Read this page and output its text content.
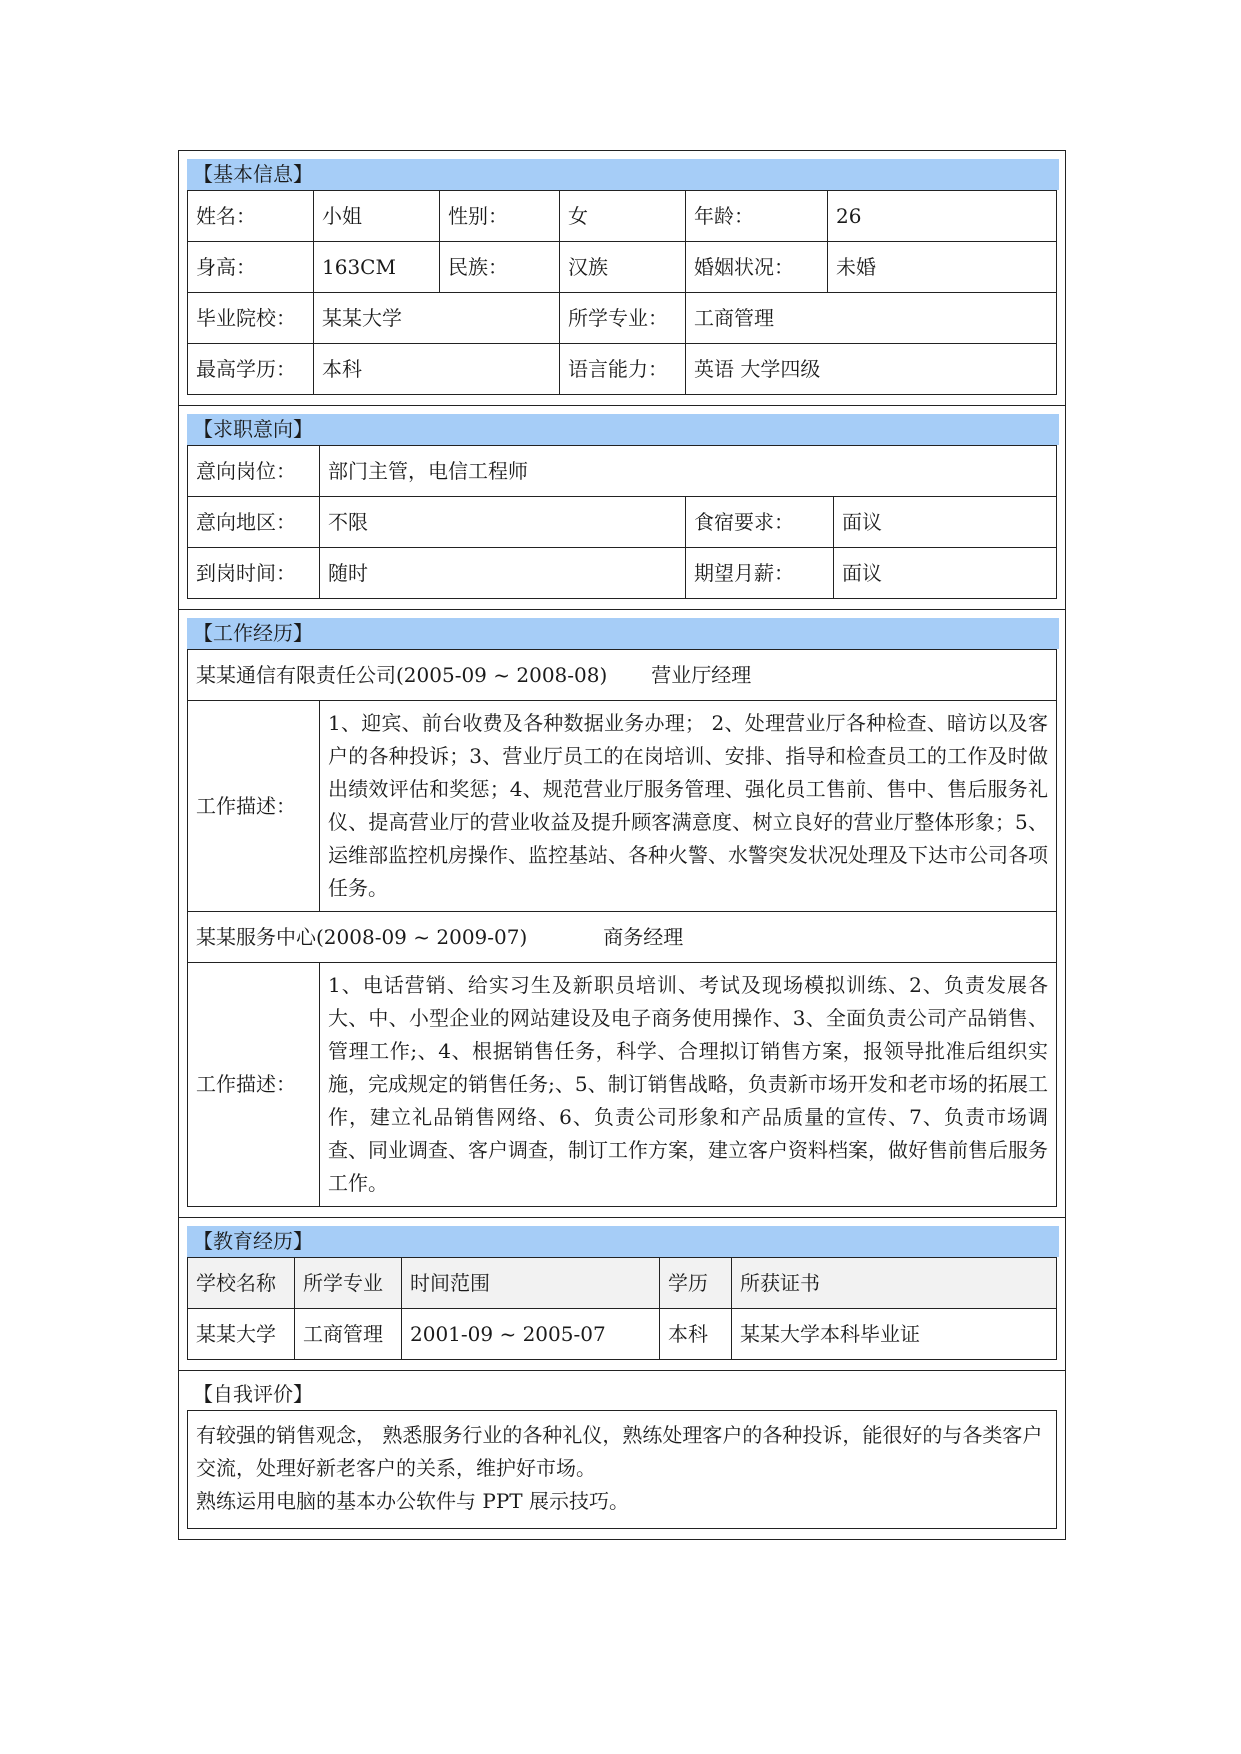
【基本信息】
姓名：	小姐	性别：	女	年龄：	26
身高：	163CM	民族：	汉族	婚姻状况：	未婚
毕业院校：	某某大学		所学专业：	工商管理	
最高学历：	本科		语言能力：	英语 大学四级	
【求职意向】
意向岗位：	部门主管，电信工程师		
意向地区：	不限	食宿要求：	面议
到岗时间：	随时	期望月薪：	面议
【工作经历】
某某通信有限责任公司(2005-09 ~ 2008-08) 营业厅经理	
工作描述：	1、迎宾、前台收费及各种数据业务办理； 2、处理营业厅各种检查、暗访以及客户的各种投诉；3、营业厅员工的在岗培训、安排、指导和检查员工的工作及时做出绩效评估和奖惩；4、规范营业厅服务管理、强化员工售前、售中、售后服务礼仪、提高营业厅的营业收益及提升顾客满意度、树立良好的营业厅整体形象；5、运维部监控机房操作、监控基站、各种火警、水警突发状况处理及下达市公司各项任务。
某某服务中心(2008-09 ~ 2009-07) 商务经理	
工作描述：	1、电话营销、给实习生及新职员培训、考试及现场模拟训练、2、负责发展各大、中、小型企业的网站建设及电子商务使用操作、3、全面负责公司产品销售、管理工作;、4、根据销售任务，科学、合理拟订销售方案，报领导批准后组织实施，完成规定的销售任务;、5、制订销售战略，负责新市场开发和老市场的拓展工作，建立礼品销售网络、6、负责公司形象和产品质量的宣传、7、负责市场调查、同业调查、客户调查，制订工作方案，建立客户资料档案，做好售前售后服务工作。
【教育经历】
学校名称	所学专业	时间范围	学历	所获证书
某某大学	工商管理	2001-09 ~ 2005-07	本科	某某大学本科毕业证
【自我评价】

有较强的销售观念， 熟悉服务行业的各种礼仪，熟练处理客户的各种投诉，能很好的与各类客户交流，处理好新老客户的关系，维护好市场。

熟练运用电脑的基本办公软件与 PPT 展示技巧。
